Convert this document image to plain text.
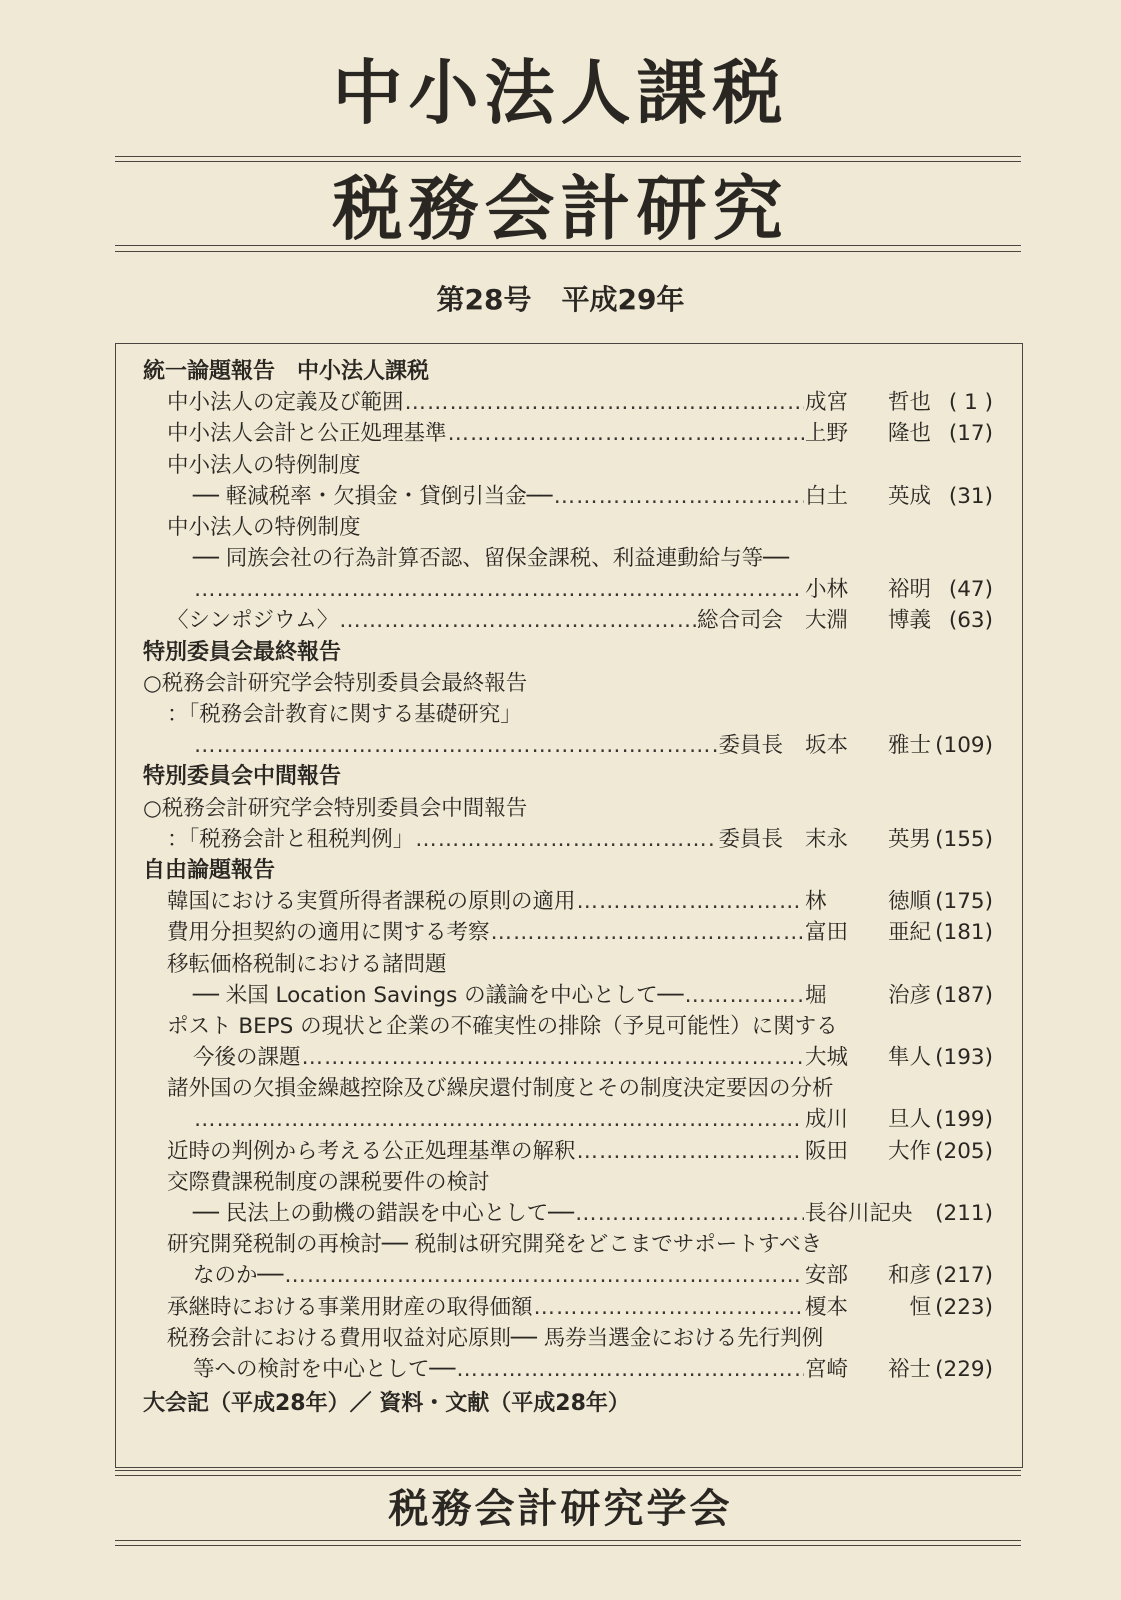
中小法人課税
税務会計研究
第28号 平成29年
統一論題報告 中小法人課税
中小法人の定義及び範囲 ………………………………………………………………………………………………………………………………………………………………	成宮 哲也 ( 1 )
中小法人会計と公正処理基準 ………………………………………………………………………………………………………………………………………………………………	上野 隆也 (17)
中小法人の特例制度
── 軽減税率・欠損金・貸倒引当金── ………………………………………………………………………………………………………………………………………………………………	白土 英成 (31)
中小法人の特例制度
── 同族会社の行為計算否認、留保金課税、利益連動給与等──
………………………………………………………………………………………………………………………………………………………………
小林 裕明 (47)
〈シンポジウム〉 ………………………………………………………………………………………………………………………………………………………………	総合司会 大淵 博義 (63)
特別委員会最終報告
○税務会計研究学会特別委員会最終報告
：「税務会計教育に関する基礎研究」
………………………………………………………………………………………………………………………………………………………………
委員長 坂本 雅士 (109)
特別委員会中間報告
○税務会計研究学会特別委員会中間報告
：「税務会計と租税判例」 ………………………………………………………………………………………………………………………………………………………………	委員長 末永 英男 (155)
自由論題報告
韓国における実質所得者課税の原則の適用 ………………………………………………………………………………………………………………………………………………………………	林	徳順 (175)
費用分担契約の適用に関する考察 ………………………………………………………………………………………………………………………………………………………………	富田 亜紀 (181)
移転価格税制における諸問題
── 米国 Location Savings の議論を中心として── ………………………………………………………………………………………………………………………………………………………………	堀	治彦 (187)
ポスト BEPS の現状と企業の不確実性の排除（予見可能性）に関する
今後の課題 ………………………………………………………………………………………………………………………………………………………………	大城 隼人 (193)
諸外国の欠損金繰越控除及び繰戻還付制度とその制度決定要因の分析
………………………………………………………………………………………………………………………………………………………………
成川 旦人 (199)
近時の判例から考える公正処理基準の解釈 ………………………………………………………………………………………………………………………………………………………………	阪田 大作 (205)
交際費課税制度の課税要件の検討
── 民法上の動機の錯誤を中心として── ………………………………………………………………………………………………………………………………………………………………	長谷川記央	(211)
研究開発税制の再検討── 税制は研究開発をどこまでサポートすべき
なのか── ………………………………………………………………………………………………………………………………………………………………	安部 和彦 (217)
承継時における事業用財産の取得価額 ………………………………………………………………………………………………………………………………………………………………	榎本	恒 (223)
税務会計における費用収益対応原則── 馬券当選金における先行判例
等への検討を中心として── ………………………………………………………………………………………………………………………………………………………………	宮崎 裕士 (229)
大会記（平成28年）／ 資料・文献（平成28年）
税務会計研究学会
